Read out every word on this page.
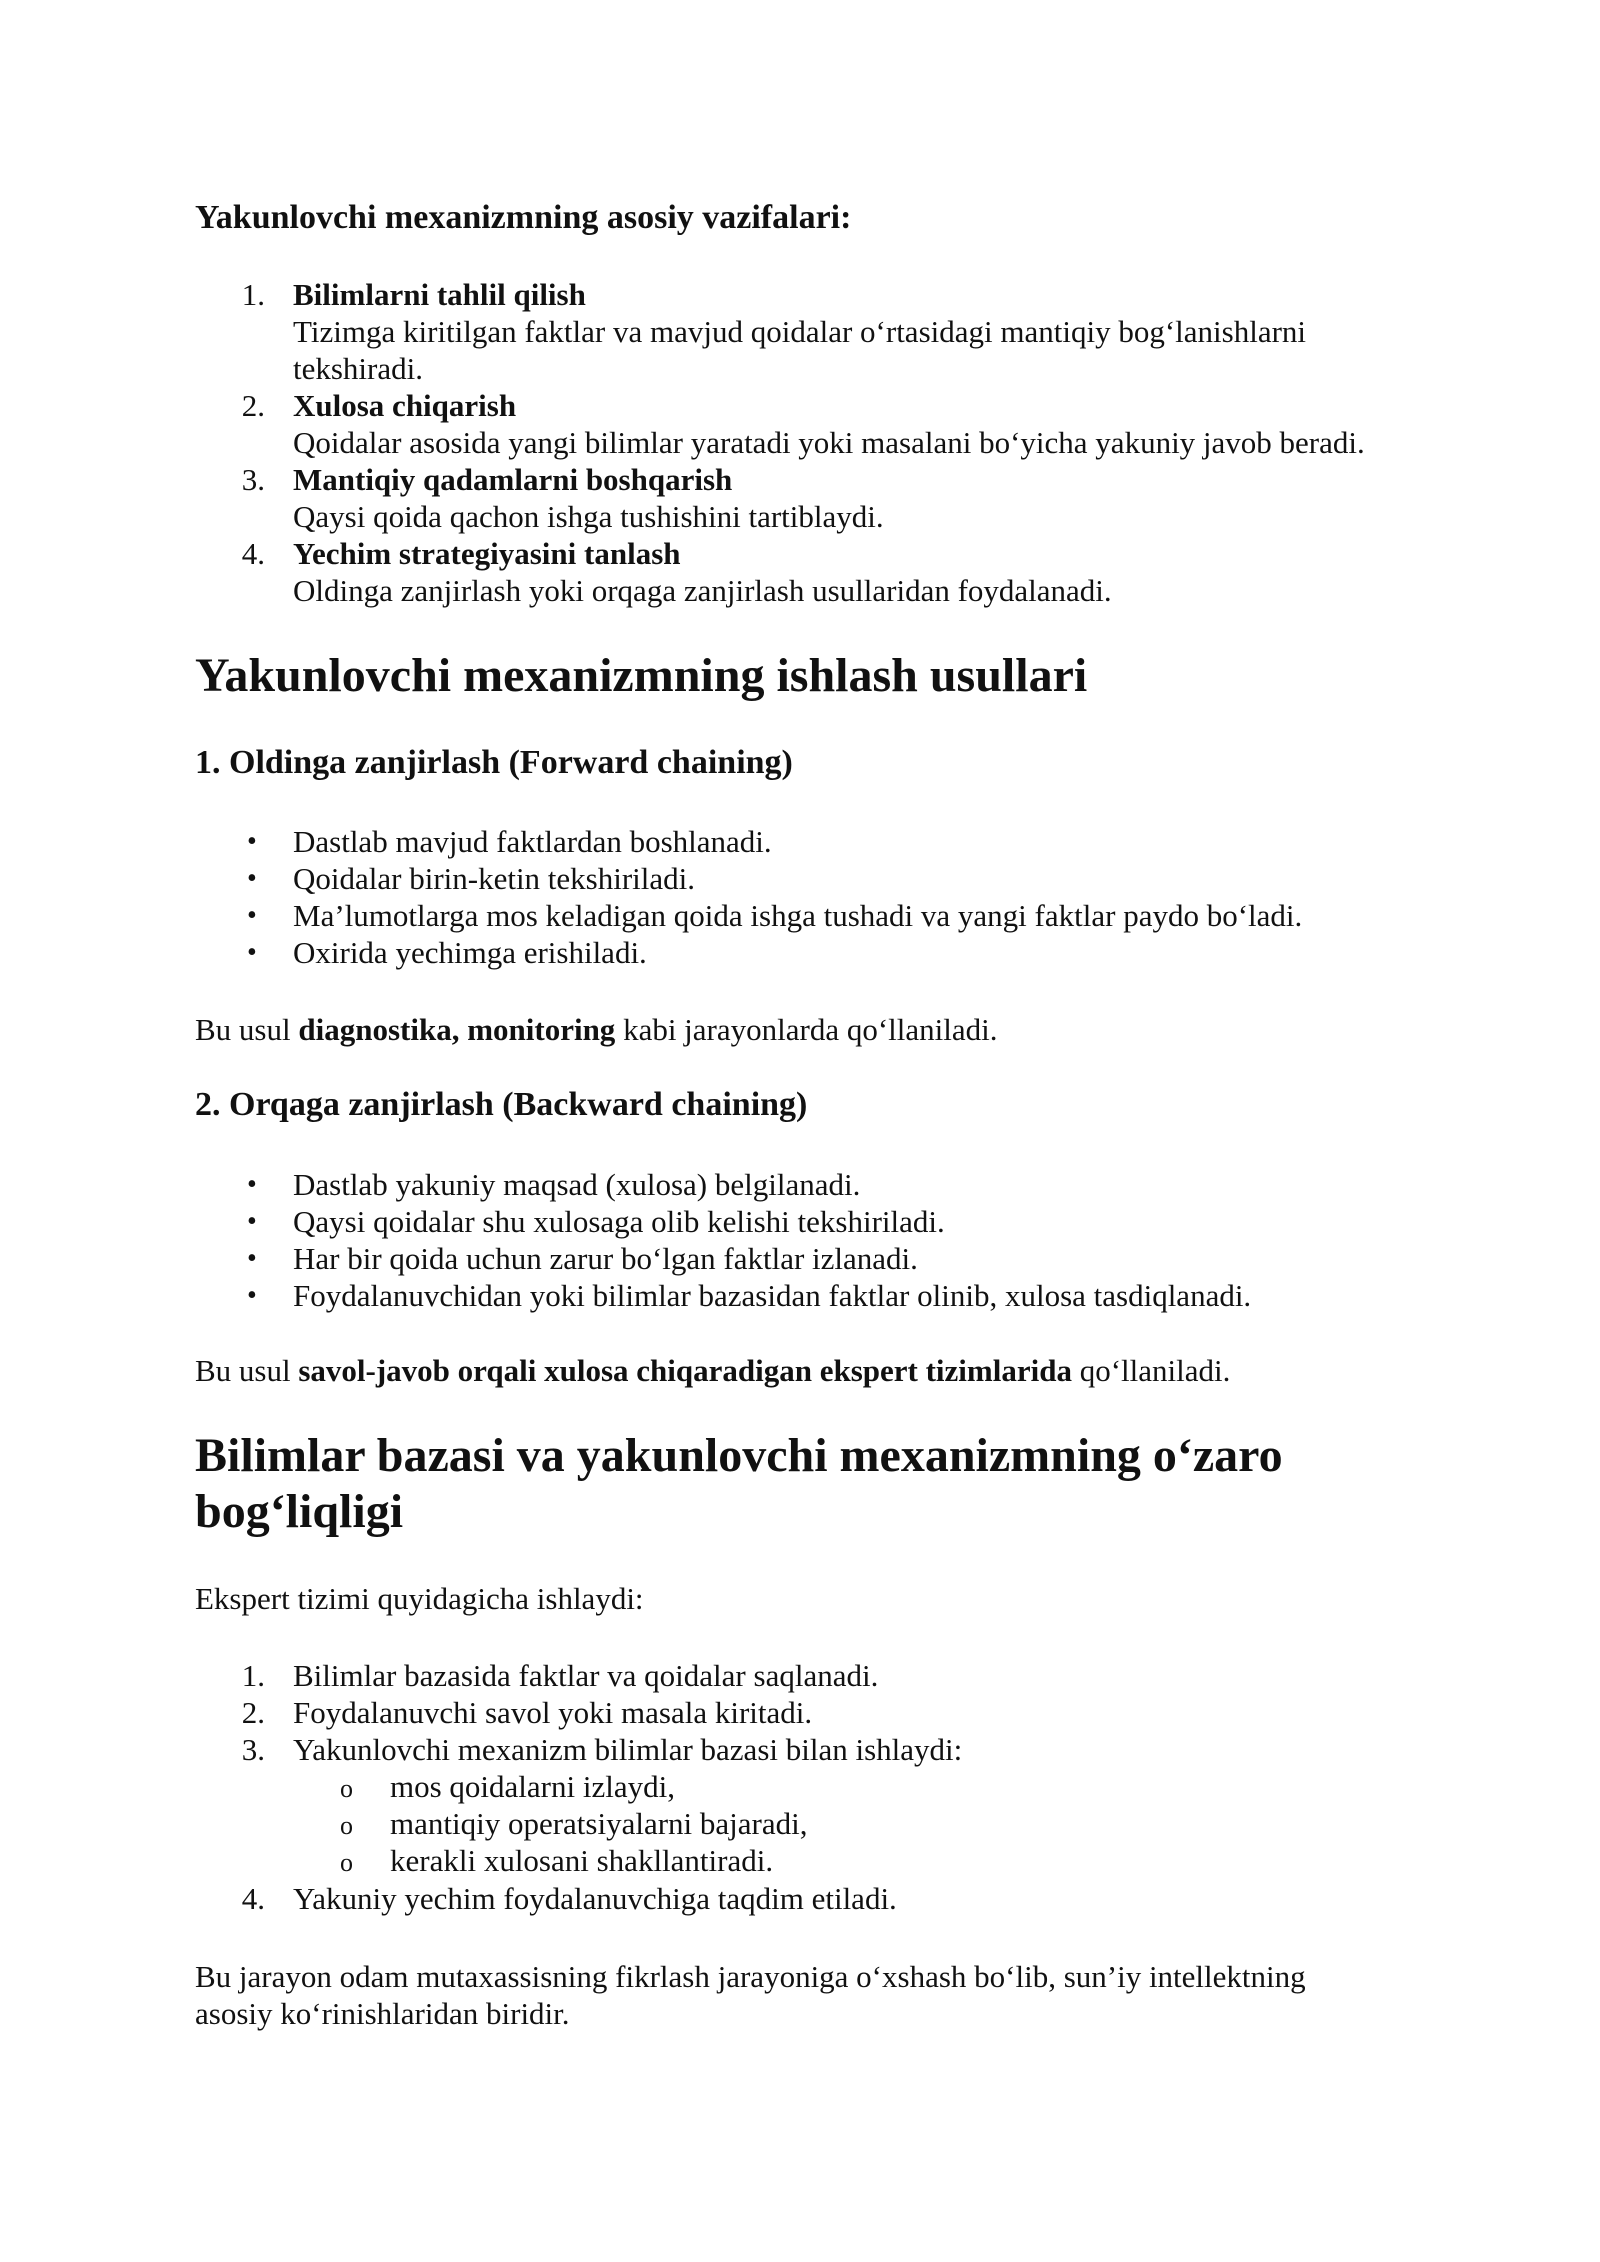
Yakunlovchi mexanizmning asosiy vazifalari:
1. Bilimlarni tahlil qilish
Tizimga kiritilgan faktlar va mavjud qoidalar o‘rtasidagi mantiqiy bog‘lanishlarni
tekshiradi.
2. Xulosa chiqarish
Qoidalar asosida yangi bilimlar yaratadi yoki masalani bo‘yicha yakuniy javob beradi.
3. Mantiqiy qadamlarni boshqarish
Qaysi qoida qachon ishga tushishini tartiblaydi.
4. Yechim strategiyasini tanlash
Oldinga zanjirlash yoki orqaga zanjirlash usullaridan foydalanadi.
Yakunlovchi mexanizmning ishlash usullari
1. Oldinga zanjirlash (Forward chaining)
• Dastlab mavjud faktlardan boshlanadi.
• Qoidalar birin-ketin tekshiriladi.
• Ma’lumotlarga mos keladigan qoida ishga tushadi va yangi faktlar paydo bo‘ladi.
• Oxirida yechimga erishiladi.

Bu usul diagnostika, monitoring kabi jarayonlarda qo‘llaniladi.

2. Orqaga zanjirlash (Backward chaining)
• Dastlab yakuniy maqsad (xulosa) belgilanadi.
• Qaysi qoidalar shu xulosaga olib kelishi tekshiriladi.
• Har bir qoida uchun zarur bo‘lgan faktlar izlanadi.
• Foydalanuvchidan yoki bilimlar bazasidan faktlar olinib, xulosa tasdiqlanadi.

Bu usul savol-javob orqali xulosa chiqaradigan ekspert tizimlarida qo‘llaniladi.

Bilimlar bazasi va yakunlovchi mexanizmning o‘zaro
bog‘liqligi

Ekspert tizimi quyidagicha ishlaydi:

1. Bilimlar bazasida faktlar va qoidalar saqlanadi.
2. Foydalanuvchi savol yoki masala kiritadi.
3. Yakunlovchi mexanizm bilimlar bazasi bilan ishlaydi:
o mos qoidalarni izlaydi,
o mantiqiy operatsiyalarni bajaradi,
o kerakli xulosani shakllantiradi.
4. Yakuniy yechim foydalanuvchiga taqdim etiladi.

Bu jarayon odam mutaxassisning fikrlash jarayoniga o‘xshash bo‘lib, sun’iy intellektning

asosiy ko‘rinishlaridan biridir.
